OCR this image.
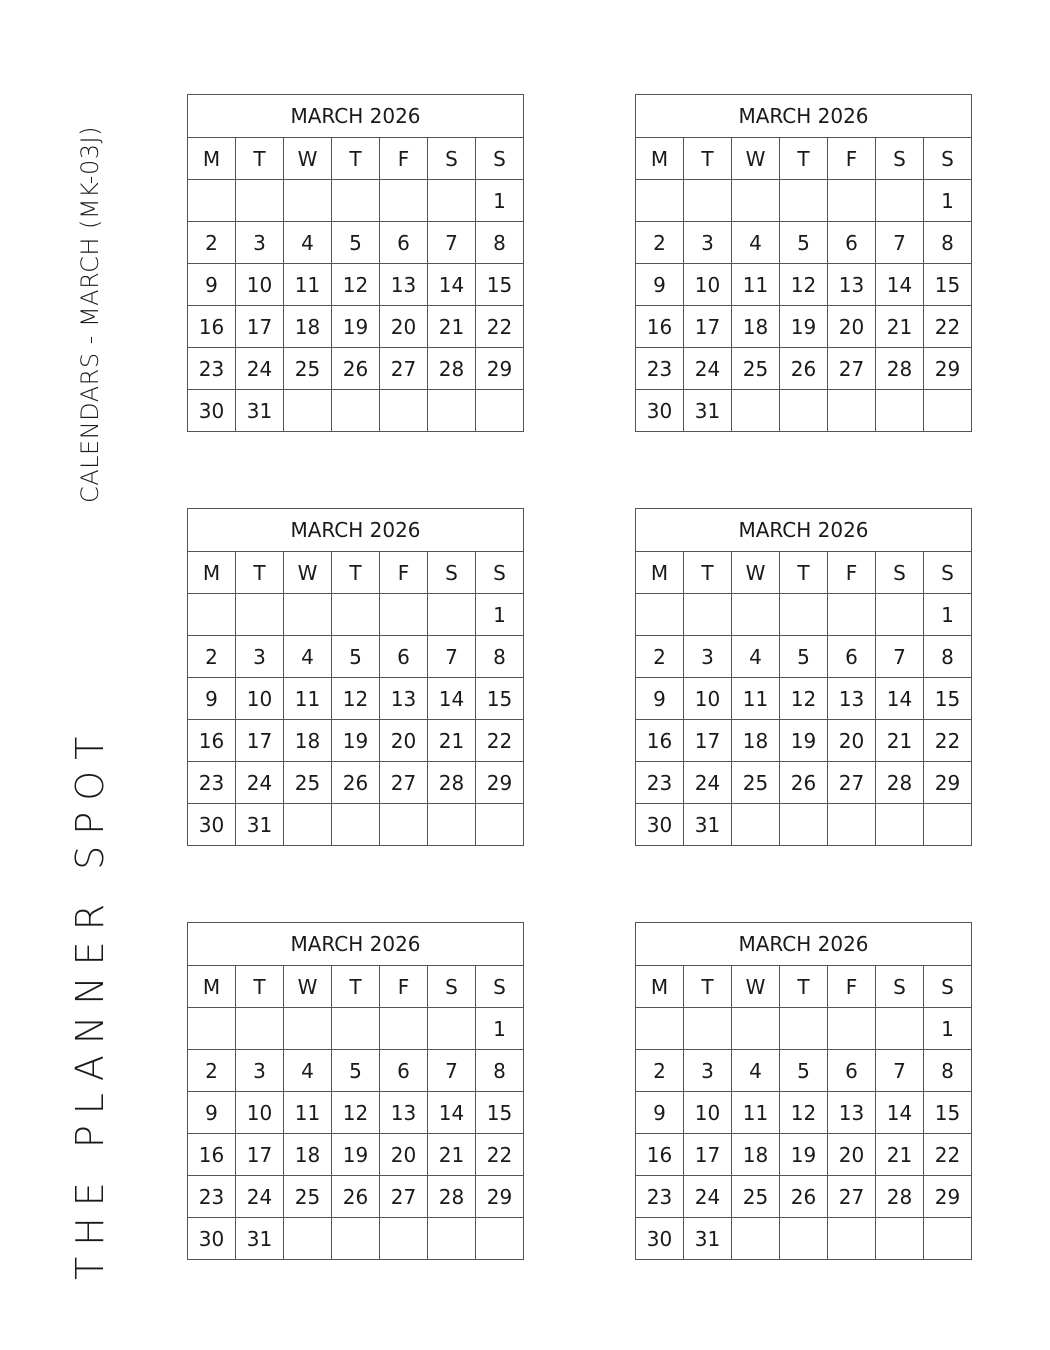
CALENDARS - MARCH (MK-03J)
THE PLANNER SPOT
MARCH 2026						
M	T	W	T	F	S	S
						1
2	3	4	5	6	7	8
9	10	11	12	13	14	15
16	17	18	19	20	21	22
23	24	25	26	27	28	29
30	31					
MARCH 2026						
M	T	W	T	F	S	S
						1
2	3	4	5	6	7	8
9	10	11	12	13	14	15
16	17	18	19	20	21	22
23	24	25	26	27	28	29
30	31					
MARCH 2026						
M	T	W	T	F	S	S
						1
2	3	4	5	6	7	8
9	10	11	12	13	14	15
16	17	18	19	20	21	22
23	24	25	26	27	28	29
30	31					
MARCH 2026						
M	T	W	T	F	S	S
						1
2	3	4	5	6	7	8
9	10	11	12	13	14	15
16	17	18	19	20	21	22
23	24	25	26	27	28	29
30	31					
MARCH 2026						
M	T	W	T	F	S	S
						1
2	3	4	5	6	7	8
9	10	11	12	13	14	15
16	17	18	19	20	21	22
23	24	25	26	27	28	29
30	31					
MARCH 2026						
M	T	W	T	F	S	S
						1
2	3	4	5	6	7	8
9	10	11	12	13	14	15
16	17	18	19	20	21	22
23	24	25	26	27	28	29
30	31					
